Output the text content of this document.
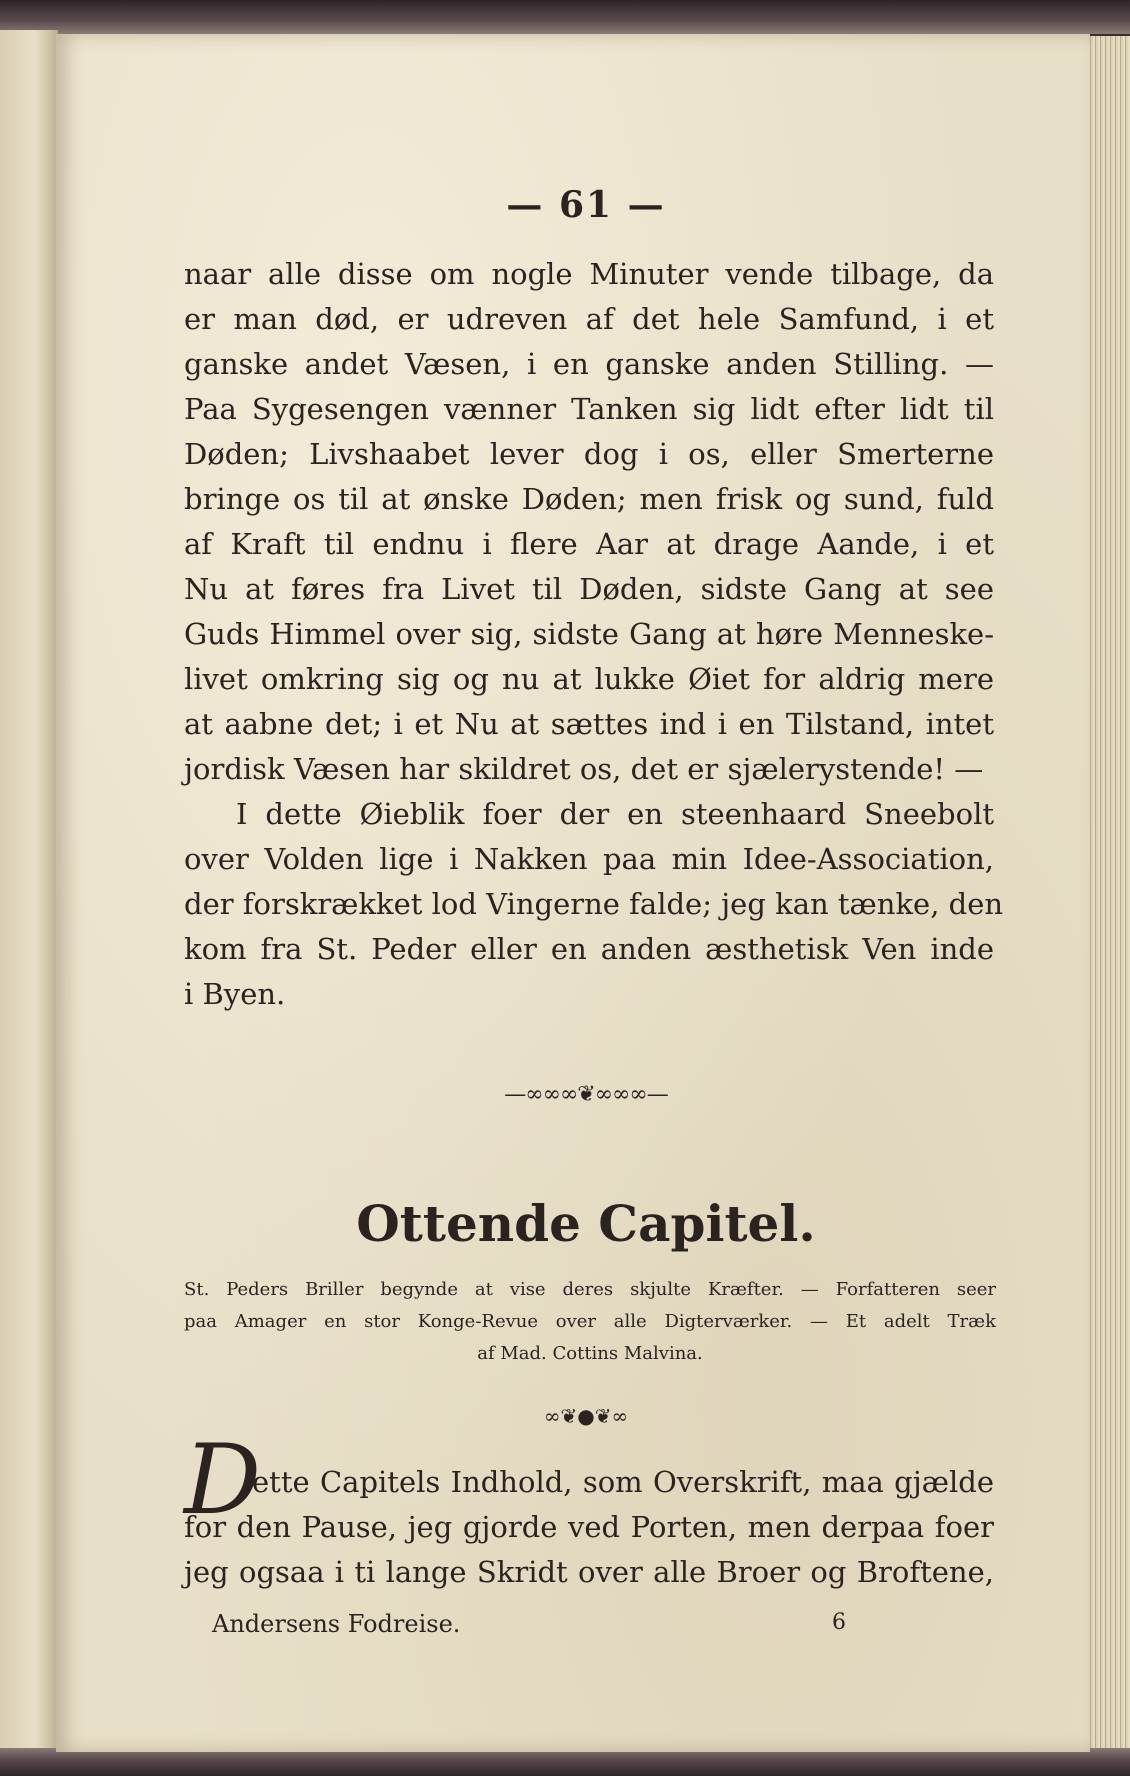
— 61 —
naar alle disse om nogle Minuter vende tilbage, da
er man død, er udreven af det hele Samfund, i et
ganske andet Væsen, i en ganske anden Stilling. —
Paa Sygesengen vænner Tanken sig lidt efter lidt til
Døden; Livshaabet lever dog i os, eller Smerterne
bringe os til at ønske Døden; men frisk og sund, fuld
af Kraft til endnu i flere Aar at drage Aande, i et
Nu at føres fra Livet til Døden, sidste Gang at see
Guds Himmel over sig, sidste Gang at høre Menneske-
livet omkring sig og nu at lukke Øiet for aldrig mere
at aabne det; i et Nu at sættes ind i en Tilstand, intet
jordisk Væsen har skildret os, det er sjælerystende! —
I dette Øieblik foer der en steenhaard Sneebolt
over Volden lige i Nakken paa min Idee-Association,
der forskrækket lod Vingerne falde; jeg kan tænke, den
kom fra St. Peder eller en anden æsthetisk Ven inde
i Byen.
—∞∞∞❦∞∞∞—
Ottende Capitel.
St. Peders Briller begynde at vise deres skjulte Kræfter. — Forfatteren seer
paa Amager en stor Konge-Revue over alle Digterværker. — Et adelt Træk
af Mad. Cottins Malvina.
∞❦●❦∞
D
ette Capitels Indhold, som Overskrift, maa gjælde
for den Pause, jeg gjorde ved Porten, men derpaa foer
jeg ogsaa i ti lange Skridt over alle Broer og Broftene,
Andersens Fodreise.	6
